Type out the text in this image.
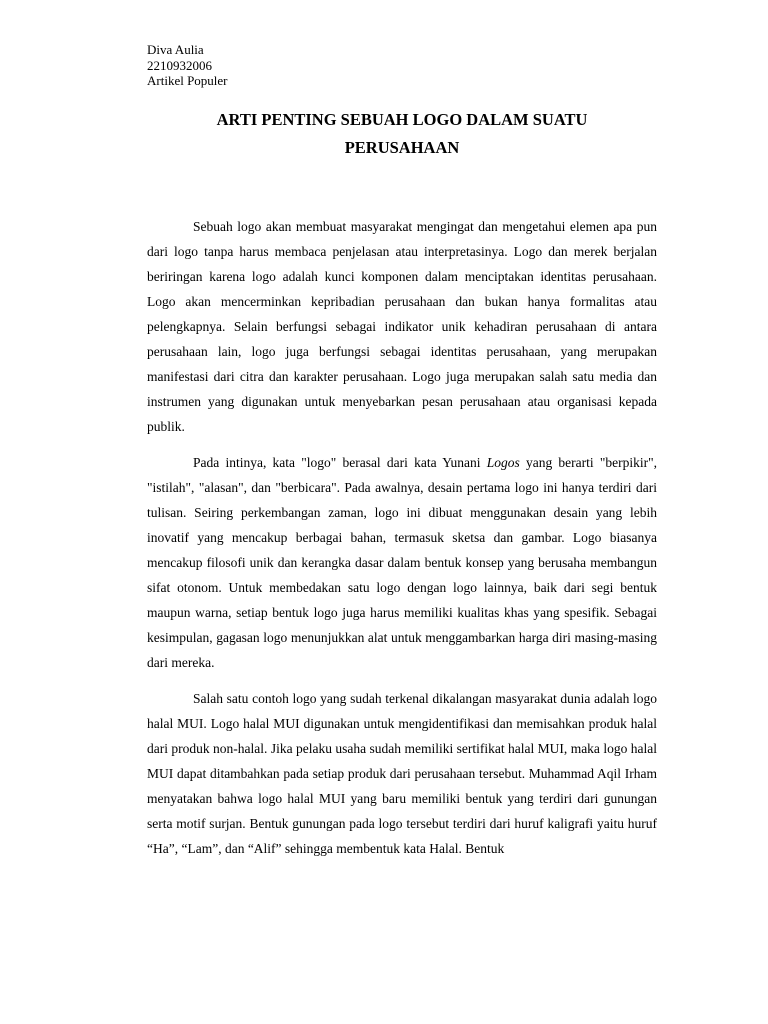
Diva Aulia
2210932006
Artikel Populer
ARTI PENTING SEBUAH LOGO DALAM SUATU
PERUSAHAAN

Sebuah logo akan membuat masyarakat mengingat dan mengetahui elemen apa pun dari logo tanpa harus membaca penjelasan atau interpretasinya. Logo dan merek berjalan beriringan karena logo adalah kunci komponen dalam menciptakan identitas perusahaan. Logo akan mencerminkan kepribadian perusahaan dan bukan hanya formalitas atau pelengkapnya. Selain berfungsi sebagai indikator unik kehadiran perusahaan di antara perusahaan lain, logo juga berfungsi sebagai identitas perusahaan, yang merupakan manifestasi dari citra dan karakter perusahaan. Logo juga merupakan salah satu media dan instrumen yang digunakan untuk menyebarkan pesan perusahaan atau organisasi kepada publik.

Pada intinya, kata "logo" berasal dari kata Yunani Logos yang berarti "berpikir", "istilah", "alasan", dan "berbicara". Pada awalnya, desain pertama logo ini hanya terdiri dari tulisan. Seiring perkembangan zaman, logo ini dibuat menggunakan desain yang lebih inovatif yang mencakup berbagai bahan, termasuk sketsa dan gambar. Logo biasanya mencakup filosofi unik dan kerangka dasar dalam bentuk konsep yang berusaha membangun sifat otonom. Untuk membedakan satu logo dengan logo lainnya, baik dari segi bentuk maupun warna, setiap bentuk logo juga harus memiliki kualitas khas yang spesifik. Sebagai kesimpulan, gagasan logo menunjukkan alat untuk menggambarkan harga diri masing-masing dari mereka.

Salah satu contoh logo yang sudah terkenal dikalangan masyarakat dunia adalah logo halal MUI. Logo halal MUI digunakan untuk mengidentifikasi dan memisahkan produk halal dari produk non-halal. Jika pelaku usaha sudah memiliki sertifikat halal MUI, maka logo halal MUI dapat ditambahkan pada setiap produk dari perusahaan tersebut. Muhammad Aqil Irham menyatakan bahwa logo halal MUI yang baru memiliki bentuk yang terdiri dari gunungan serta motif surjan. Bentuk gunungan pada logo tersebut terdiri dari huruf kaligrafi yaitu huruf “Ha”, “Lam”, dan “Alif” sehingga membentuk kata Halal. Bentuk
